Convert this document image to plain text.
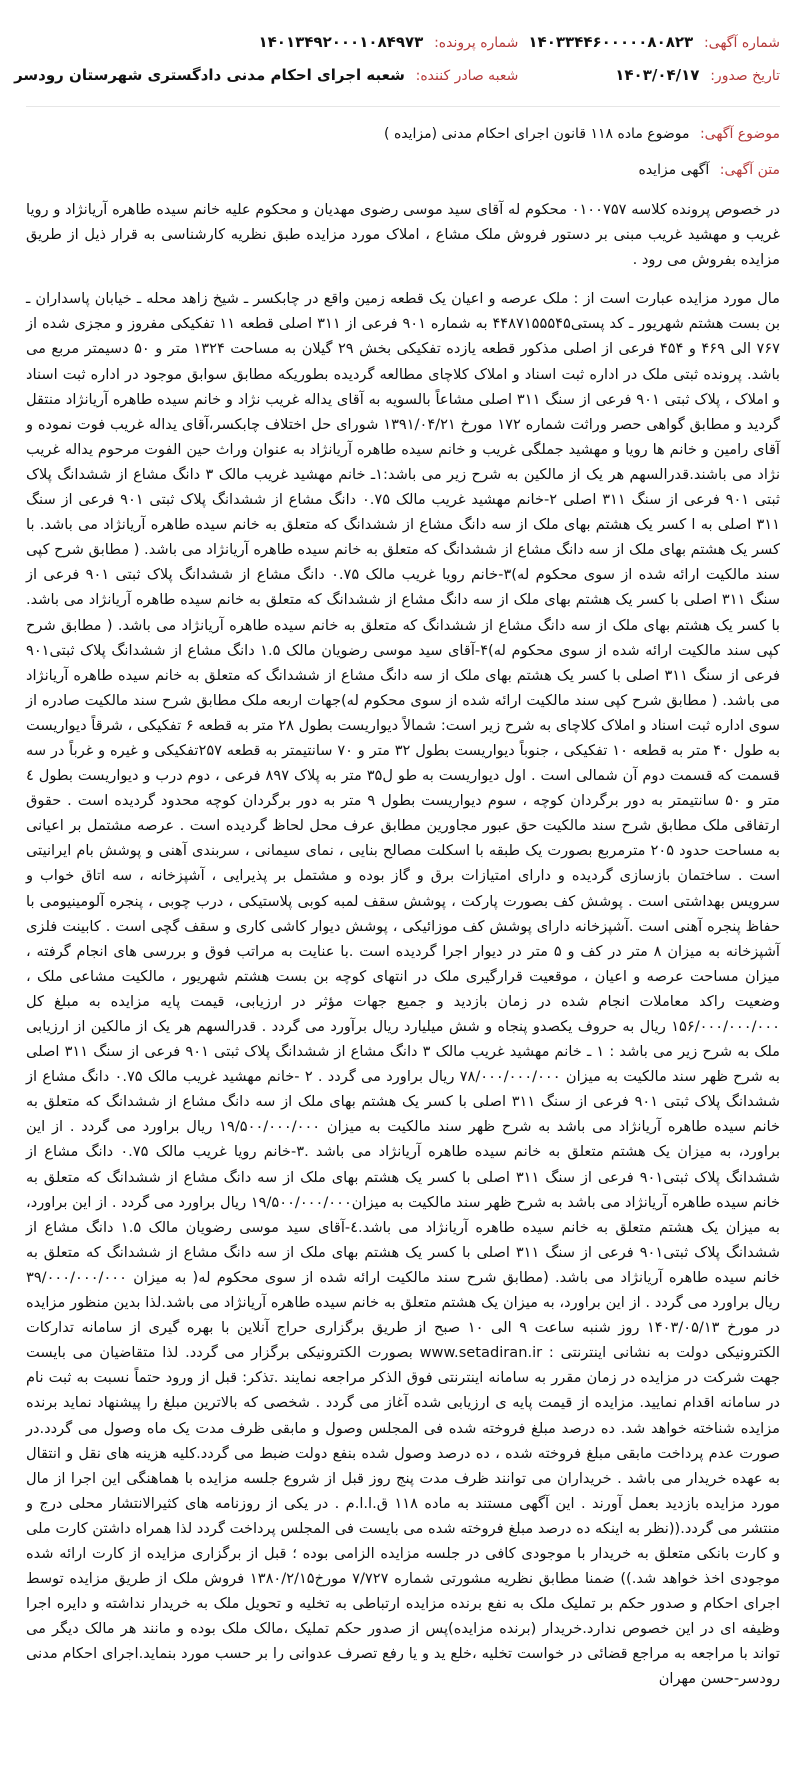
شماره آگهی: ۱۴۰۳۳۴۴۶۰۰۰۰۰۸۰۸۲۳
شماره پرونده: ۱۴۰۱۳۴۹۲۰۰۰۱۰۸۴۹۷۳
تاریخ صدور: ۱۴۰۳/۰۴/۱۷
شعبه صادر کننده: شعبه اجرای احکام مدنی دادگستری شهرستان رودسر
موضوع آگهی: موضوع ماده ۱۱۸ قانون اجرای احکام مدنی (مزایده )
متن آگهی: آگهی مزایده

در خصوص پرونده کلاسه ۰۱۰۰۷۵۷ محکوم له آقای سید موسی رضوی مهدیان و محکوم علیه خانم سیده طاهره آریانژاد و رویا غریب و مهشید غریب مبنی بر دستور فروش ملک مشاع ، املاک مورد مزایده طبق نظریه کارشناسی به قرار ذیل از طریق مزایده بفروش می رود .

مال مورد مزایده عبارت است از : ملک عرصه و اعیان یک قطعه زمین واقع در چابکسر ـ شیخ زاهد محله ـ خیابان پاسداران ـ بن بست هشتم شهریور ـ کد پستی۴۴۸۷۱۵۵۵۴۵ به شماره ۹۰۱ فرعی از ۳۱۱ اصلی قطعه ۱۱ تفکیکی مفروز و مجزی شده از ۷۶۷ الی ۴۶۹ و ۴۵۴ فرعی از اصلی مذکور قطعه یازده تفکیکی بخش ۲۹ گیلان به مساحت ۱۳۲۴ متر و ۵۰ دسیمتر مربع می باشد. پرونده ثبتی ملک در اداره ثبت اسناد و املاک کلاچای مطالعه گردیده بطوریکه مطابق سوابق موجود در اداره ثبت اسناد و املاک ، پلاک ثبتی ۹۰۱ فرعی از سنگ ۳۱۱ اصلی مشاعاً بالسویه به آقای یداله غریب نژاد و خانم سیده طاهره آریانژاد منتقل گردید و مطابق گواهی حصر وراثت شماره ۱۷۲ مورخ ۱۳۹۱/۰۴/۲۱ شورای حل اختلاف چابکسر،آقای یداله غریب فوت نموده و آقای رامین و خانم ها رویا و مهشید جملگی غریب و خانم سیده طاهره آریانژاد به عنوان وراث حین الفوت مرحوم یداله غریب نژاد می باشند.قدرالسهم هر یک از مالکین به شرح زیر می باشد:۱ـ خانم مهشید غریب مالک ۳ دانگ مشاع از ششدانگ پلاک ثبتی ۹۰۱ فرعی از سنگ ۳۱۱ اصلی ۲-خانم مهشید غریب مالک ۰.۷۵ دانگ مشاع از ششدانگ پلاک ثبتی ۹۰۱ فرعی از سنگ ۳۱۱ اصلی به ا کسر یک هشتم بهای ملک از سه دانگ مشاع از ششدانگ که متعلق به خانم سیده طاهره آریانژاد می باشد. با کسر یک هشتم بهای ملک از سه دانگ مشاع از ششدانگ که متعلق به خانم سیده طاهره آریانژاد می باشد. ( مطابق شرح کپی سند مالکیت ارائه شده از سوی محکوم له)۳-خانم رویا غریب مالک ۰.۷۵ دانگ مشاع از ششدانگ پلاک ثبتی ۹۰۱ فرعی از سنگ ۳۱۱ اصلی با کسر یک هشتم بهای ملک از سه دانگ مشاع از ششدانگ که متعلق به خانم سیده طاهره آریانژاد می باشد. با کسر یک هشتم بهای ملک از سه دانگ مشاع از ششدانگ که متعلق به خانم سیده طاهره آریانژاد می باشد. ( مطابق شرح کپی سند مالکیت ارائه شده از سوی محکوم له)۴-آقای سید موسی رضویان مالک ۱.۵ دانگ مشاع از ششدانگ پلاک ثبتی۹۰۱ فرعی از سنگ ۳۱۱ اصلی با کسر یک هشتم بهای ملک از سه دانگ مشاع از ششدانگ که متعلق به خانم سیده طاهره آریانژاد می باشد. ( مطابق شرح کپی سند مالکیت ارائه شده از سوی محکوم له)جهات اربعه ملک مطابق شرح سند مالکیت صادره از سوی اداره ثبت اسناد و املاک کلاچای به شرح زیر است: شمالاً دیواریست بطول ۲۸ متر به قطعه ۶ تفکیکی ، شرقاً دیواریست به طول ۴۰ متر به قطعه ۱۰ تفکیکی ، جنوباً دیواریست بطول ۳۲ متر و ۷۰ سانتیمتر به قطعه ۲۵۷تفکیکی و غیره و غرباً در سه قسمت که قسمت دوم آن شمالی است . اول دیواریست به طو ل۳۵ متر به پلاک ۸۹۷ فرعی ، دوم درب و دیواریست بطول ٤ متر و ۵۰ سانتیمتر به دور برگردان کوچه ، سوم دیواریست بطول ۹ متر به دور برگردان کوچه محدود گردیده است . حقوق ارتفاقی ملک مطابق شرح سند مالکیت حق عبور مجاورین مطابق عرف محل لحاظ گردیده است . عرصه مشتمل بر اعیانی به مساحت حدود ۲۰۵ مترمربع بصورت یک طبقه با اسکلت مصالح بنایی ، نمای سیمانی ، سربندی آهنی و پوشش بام ایرانیتی است . ساختمان بازسازی گردیده و دارای امتیازات برق و گاز بوده و مشتمل بر پذیرایی ، آشپزخانه ، سه اتاق خواب و سرویس بهداشتی است . پوشش کف بصورت پارکت ، پوشش سقف لمبه کوبی پلاستیکی ، درب چوبی ، پنجره آلومینیومی با حفاظ پنجره آهنی است .آشپزخانه دارای پوشش کف موزائیکی ، پوشش دیوار کاشی کاری و سقف گچی است . کابینت فلزی آشپزخانه به میزان ۸ متر در کف و ۵ متر در دیوار اجرا گردیده است .با عنایت به مراتب فوق و بررسی های انجام گرفته ، میزان مساحت عرصه و اعیان ، موقعیت قرارگیری ملک در انتهای کوچه بن بست هشتم شهریور ، مالکیت مشاعی ملک ، وضعیت راکد معاملات انجام شده در زمان بازدید و جمیع جهات مؤثر در ارزیابی، قیمت پایه مزایده به مبلغ کل ۱۵۶/۰۰۰/۰۰۰/۰۰۰ ریال به حروف یکصدو پنجاه و شش میلیارد ریال برآورد می گردد . قدرالسهم هر یک از مالکین از ارزیابی ملک به شرح زیر می باشد : ۱ ـ خانم مهشید غریب مالک ۳ دانگ مشاع از ششدانگ پلاک ثبتی ۹۰۱ فرعی از سنگ ۳۱۱ اصلی به شرح ظهر سند مالکیت به میزان ۷۸/۰۰۰/۰۰۰/۰۰۰ ریال براورد می گردد . ۲ -خانم مهشید غریب مالک ۰.۷۵ دانگ مشاع از ششدانگ پلاک ثبتی ۹۰۱ فرعی از سنگ ۳۱۱ اصلی با کسر یک هشتم بهای ملک از سه دانگ مشاع از ششدانگ که متعلق به خانم سیده طاهره آریانژاد می باشد به شرح ظهر سند مالکیت به میزان ۱۹/۵۰۰/۰۰۰/۰۰۰ ریال براورد می گردد . از این براورد، به میزان یک هشتم متعلق به خانم سیده طاهره آریانژاد می باشد .۳-خانم رویا غریب مالک ۰.۷۵ دانگ مشاع از ششدانگ پلاک ثبتی۹۰۱ فرعی از سنگ ۳۱۱ اصلی با کسر یک هشتم بهای ملک از سه دانگ مشاع از ششدانگ که متعلق به خانم سیده طاهره آریانژاد می باشد به شرح ظهر سند مالکیت به میزان۱۹/۵۰۰/۰۰۰/۰۰۰ ریال براورد می گردد . از این براورد، به میزان یک هشتم متعلق به خانم سیده طاهره آریانژاد می باشد.٤-آقای سید موسی رضویان مالک ۱.۵ دانگ مشاع از ششدانگ پلاک ثبتی۹۰۱ فرعی از سنگ ۳۱۱ اصلی با کسر یک هشتم بهای ملک از سه دانگ مشاع از ششدانگ که متعلق به خانم سیده طاهره آریانژاد می باشد. (مطابق شرح سند مالکیت ارائه شده از سوی محکوم له( به میزان ۳۹/۰۰۰/۰۰۰/۰۰۰ ریال براورد می گردد . از این براورد، به میزان یک هشتم متعلق به خانم سیده طاهره آریانژاد می باشد.لذا بدین منظور مزایده در مورخ ۱۴۰۳/۰۵/۱۳ روز شنبه ساعت ۹ الی ۱۰ صبح از طریق برگزاری حراج آنلاین با بهره گیری از سامانه تدارکات الکترونیکی دولت به نشانی اینترنتی : www.setadiran.ir بصورت الکترونیکی برگزار می گردد. لذا متقاضیان می بایست جهت شرکت در مزایده در زمان مقرر به سامانه اینترنتی فوق الذکر مراجعه نمایند .تذکر: قبل از ورود حتماً نسبت به ثبت نام در سامانه اقدام نمایید. مزایده از قیمت پایه ی ارزیابی شده آغاز می گردد . شخصی که بالاترین مبلغ را پیشنهاد نماید برنده مزایده شناخته خواهد شد. ده درصد مبلغ فروخته شده فی المجلس وصول و مابقی ظرف مدت یک ماه وصول می گردد.در صورت عدم پرداخت مابقی مبلغ فروخته شده ، ده درصد وصول شده بنفع دولت ضبط می گردد.کلیه هزینه های نقل و انتقال به عهده خریدار می باشد . خریداران می توانند ظرف مدت پنج روز قبل از شروع جلسه مزایده با هماهنگی این اجرا از مال مورد مزایده بازدید بعمل آورند . این آگهی مستند به ماده ۱۱۸ ق.ا.ا.م . در یکی از روزنامه های کثیرالانتشار محلی درج و منتشر می گردد.((نظر به اینکه ده درصد مبلغ فروخته شده می بایست فی المجلس پرداخت گردد لذا همراه داشتن کارت ملی و کارت بانکی متعلق به خریدار با موجودی کافی در جلسه مزایده الزامی بوده ؛ قبل از برگزاری مزایده از کارت ارائه شده موجودی اخذ خواهد شد.)) ضمنا مطابق نظریه مشورتی شماره ۷/۷۲۷ مورخ۱۳۸۰/۲/۱۵ فروش ملک از طریق مزایده توسط اجرای احکام و صدور حکم بر تملیک ملک به نفع برنده مزایده ارتباطی به تخلیه و تحویل ملک به خریدار نداشته و دایره اجرا وظیفه ای در این خصوص ندارد.خریدار (برنده مزایده)پس از صدور حکم تملیک ،مالک ملک بوده و مانند هر مالک دیگر می تواند با مراجعه به مراجع قضائی در خواست تخلیه ،خلع ید و یا رفع تصرف عدوانی را بر حسب مورد بنماید.اجرای احکام مدنی رودسر-حسن مهران
